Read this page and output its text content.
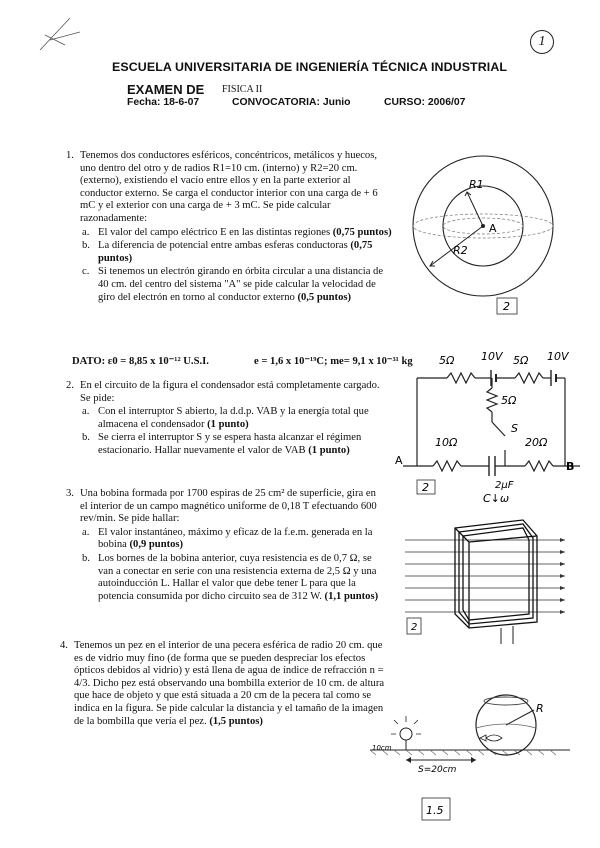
1
ESCUELA UNIVERSITARIA DE INGENIERÍA TÉCNICA INDUSTRIAL
EXAMEN DE FISICA II
Fecha: 18-6-07	CONVOCATORIA: Junio	CURSO: 2006/07
1. Tenemos dos conductores esféricos, concéntricos, metálicos y huecos, uno dentro del otro y de radios R1=10 cm. (interno) y R2=20 cm. (externo), existiendo el vacío entre ellos y en la parte exterior al conductor externo. Se carga el conductor interior con una carga de + 6 mC y el exterior con una carga de + 3 mC. Se pide calcular razonadamente:
a. El valor del campo eléctrico E en las distintas regiones (0,75 puntos)
b. La diferencia de potencial entre ambas esferas conductoras (0,75 puntos)
c. Si tenemos un electrón girando en órbita circular a una distancia de 40 cm. del centro del sistema "A" se pide calcular la velocidad de giro del electrón en torno al conductor externo (0,5 puntos)
DATO: ε0 = 8,85 x 10⁻¹² U.S.I.	e = 1,6 x 10⁻¹⁹C; me= 9,1 x 10⁻³¹ kg
2. En el circuito de la figura el condensador está completamente cargado. Se pide:
a. Con el interruptor S abierto, la d.d.p. VAB y la energía total que almacena el condensador (1 punto)
b. Se cierra el interruptor S y se espera hasta alcanzar el régimen estacionario. Hallar nuevamente el valor de VAB (1 punto)
3. Una bobina formada por 1700 espiras de 25 cm² de superficie, gira en el interior de un campo magnético uniforme de 0,18 T efectuando 600 rev/min. Se pide hallar:
a. El valor instantáneo, máximo y eficaz de la f.e.m. generada en la bobina (0,9 puntos)
b. Los bornes de la bobina anterior, cuya resistencia es de 0,7 Ω, se van a conectar en serie con una resistencia externa de 2,5 Ω y una autoinducción L. Hallar el valor que debe tener L para que la potencia consumida por dicho circuito sea de 312 W. (1,1 puntos)
4. Tenemos un pez en el interior de una pecera esférica de radio 20 cm. que es de vidrio muy fino (de forma que se pueden despreciar los efectos ópticos debidos al vidrio) y está llena de agua de índice de refracción n = 4/3. Dicho pez está observando una bombilla exterior de 10 cm. de altura que hace de objeto y que está situada a 20 cm de la pecera tal como se indica en la figura. Se pide calcular la distancia y el tamaño de la imagen de la bombilla que vería el pez. (1,5 puntos)
R1
R2
A
2
5Ω 10V 5Ω 10V
5Ω
S
10Ω	20Ω
2μF
A	B
2
C↓ω
2
R
10cm
S=20cm
1.5
